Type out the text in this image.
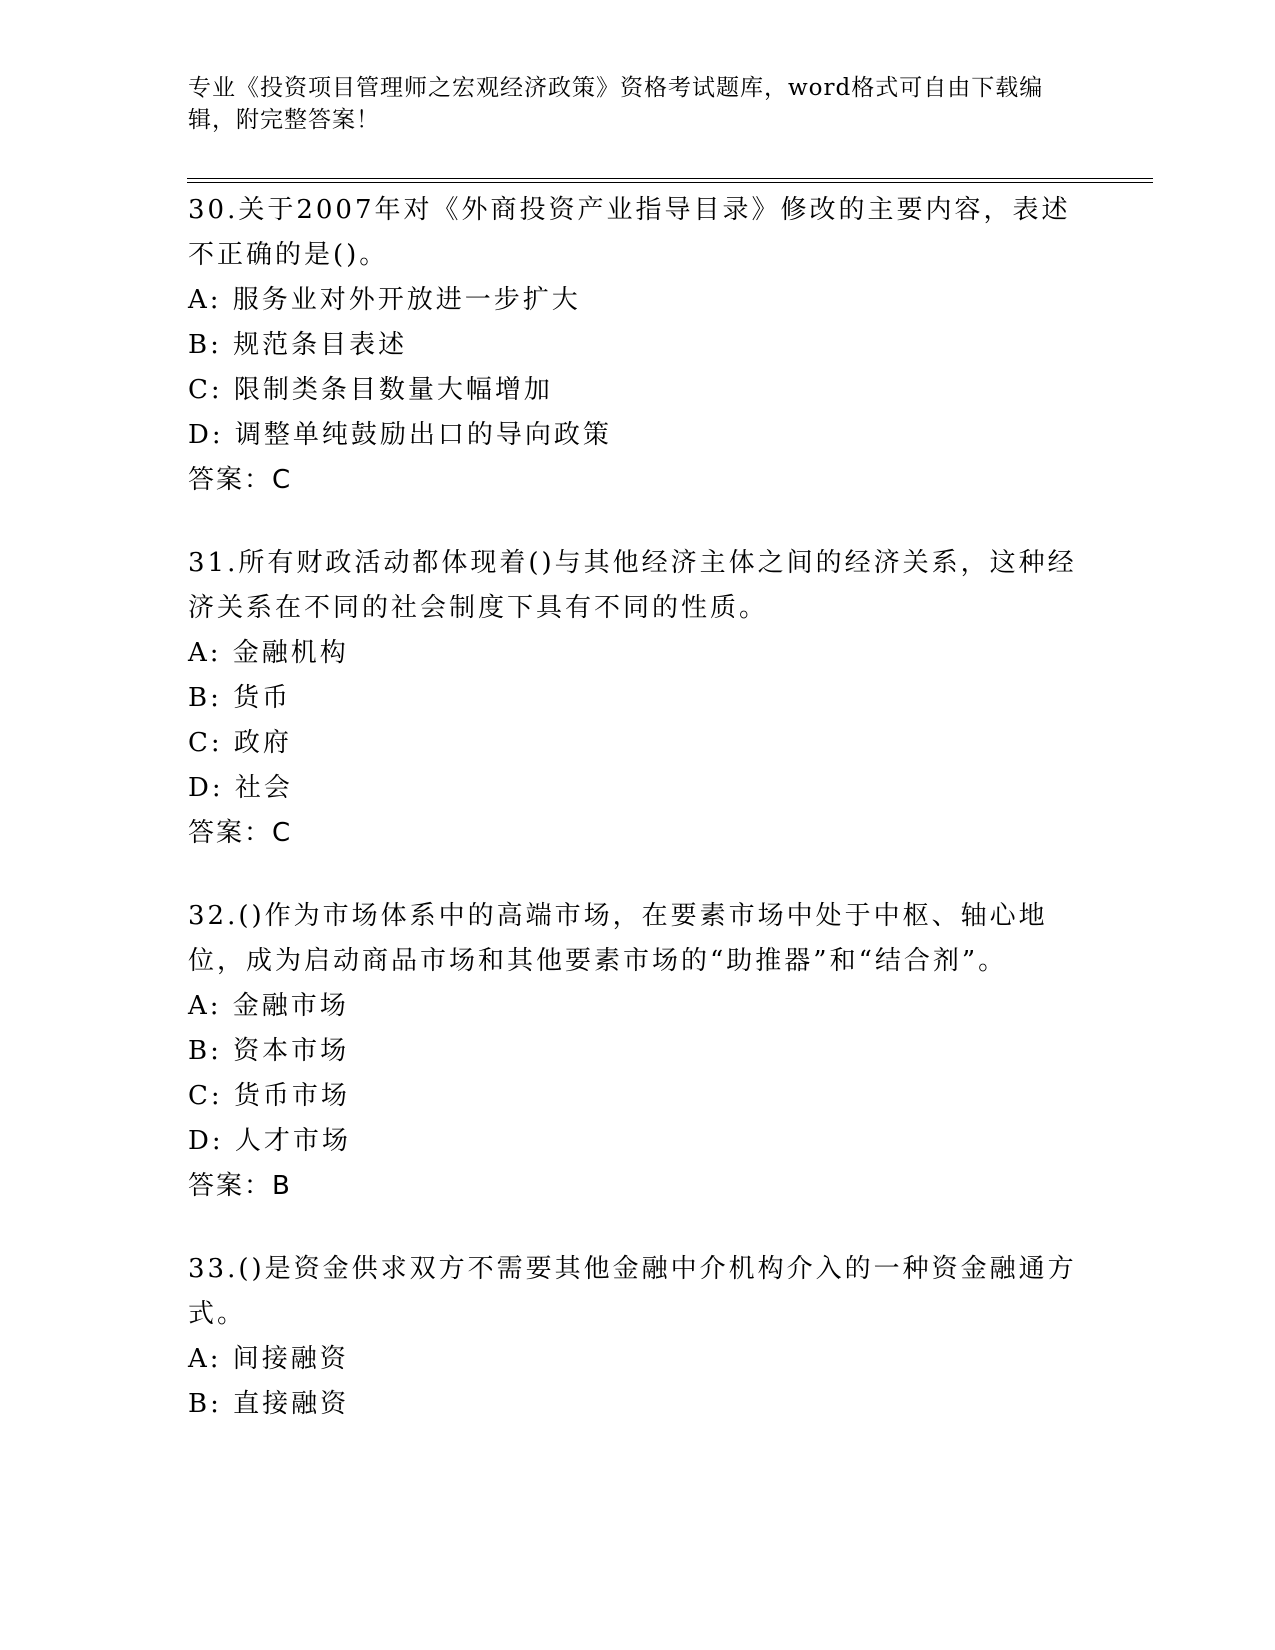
专业《投资项目管理师之宏观经济政策》资格考试题库，word格式可自由下载编辑，附完整答案！
30.关于2007年对《外商投资产业指导目录》修改的主要内容，表述不正确的是()。
A: 服务业对外开放进一步扩大
B: 规范条目表述
C: 限制类条目数量大幅增加
D: 调整单纯鼓励出口的导向政策
答案：C
31.所有财政活动都体现着()与其他经济主体之间的经济关系，这种经济关系在不同的社会制度下具有不同的性质。
A: 金融机构
B: 货币
C: 政府
D: 社会
答案：C
32.()作为市场体系中的高端市场，在要素市场中处于中枢、轴心地位，成为启动商品市场和其他要素市场的“助推器”和“结合剂”。
A: 金融市场
B: 资本市场
C: 货币市场
D: 人才市场
答案：B
33.()是资金供求双方不需要其他金融中介机构介入的一种资金融通方式。
A: 间接融资
B: 直接融资
